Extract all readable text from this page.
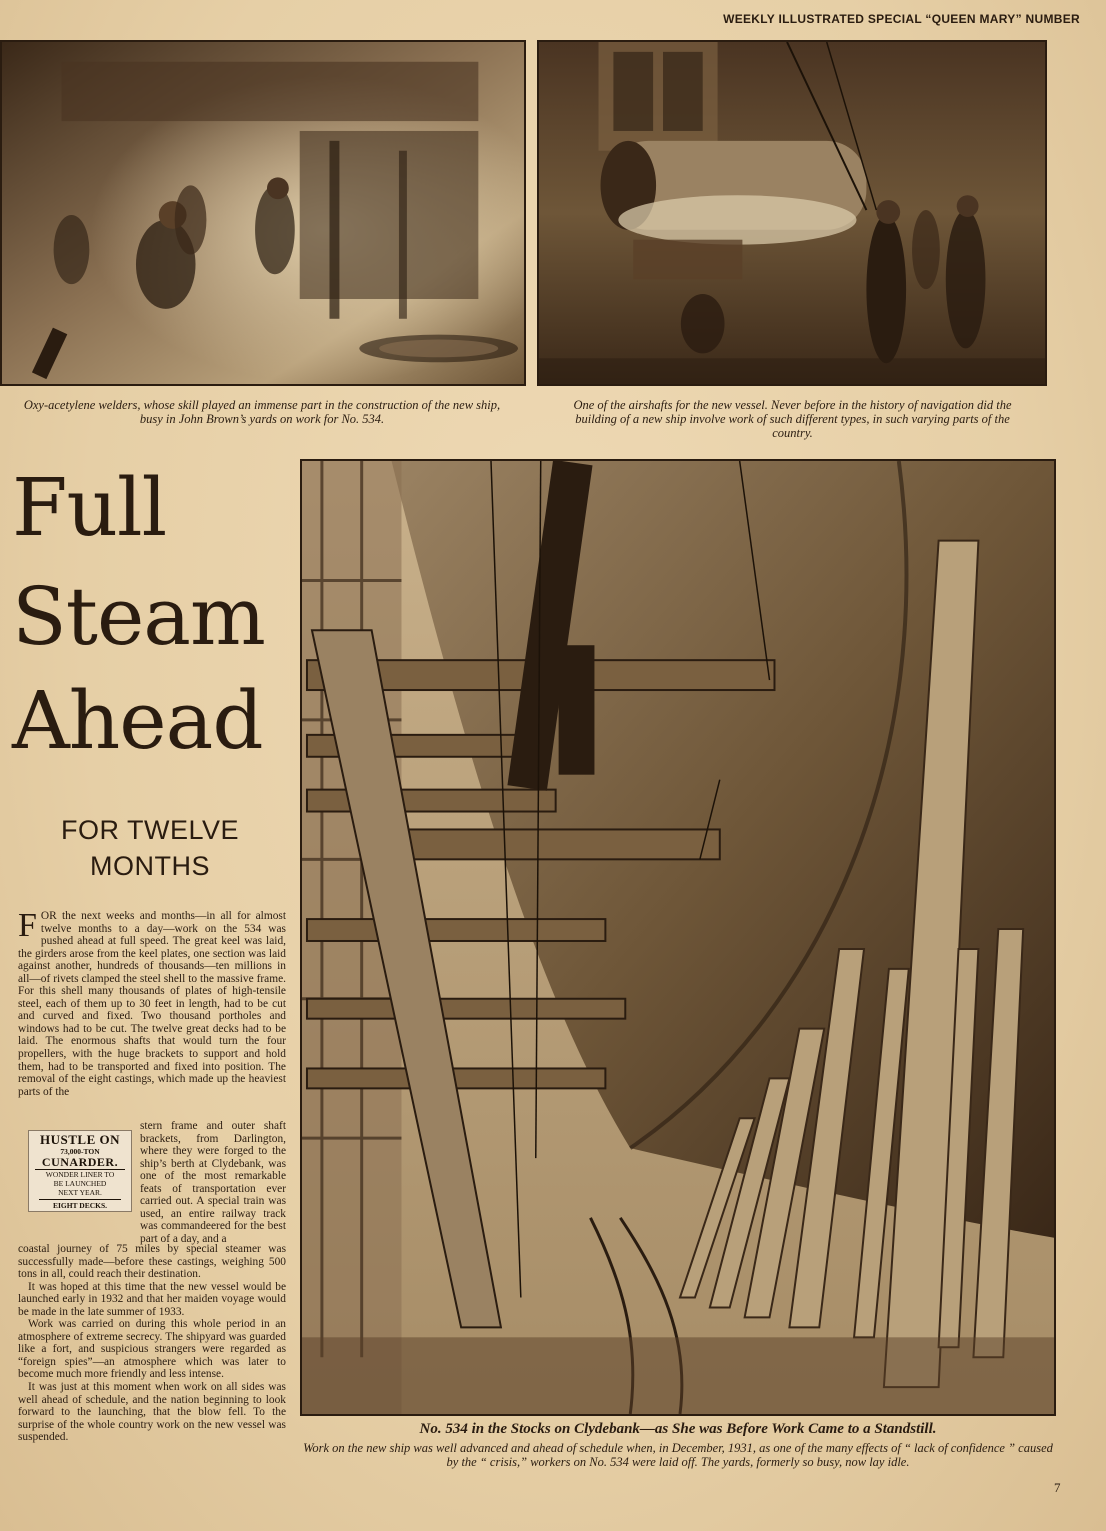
WEEKLY ILLUSTRATED SPECIAL “QUEEN MARY” NUMBER
Oxy-acetylene welders, whose skill played an immense part in the construction of the new ship, busy in John Brown’s yards on work for No. 534.
One of the airshafts for the new vessel. Never before in the history of navigation did the building of a new ship involve work of such different types, in such varying parts of the country.
Full
Steam
Ahead
FOR TWELVE
MONTHS

FOR the next weeks and months—in all for almost twelve months to a day—work on the 534 was pushed ahead at full speed. The great keel was laid, the girders arose from the keel plates, one section was laid against another, hundreds of thousands—ten millions in all—of rivets clamped the steel shell to the massive frame. For this shell many thousands of plates of high-tensile steel, each of them up to 30 feet in length, had to be cut and curved and fixed. Two thousand portholes and windows had to be cut. The twelve great decks had to be laid. The enormous shafts that would turn the four propellers, with the huge brackets to support and hold them, had to be transported and fixed into position. The removal of the eight castings, which made up the heaviest parts of the

HUSTLE ON
73,000-TON
CUNARDER.
WONDER LINER TO
BE LAUNCHED
NEXT YEAR.
EIGHT DECKS.

stern frame and outer shaft brackets, from Darlington, where they were forged to the ship’s berth at Clydebank, was one of the most remarkable feats of transportation ever carried out. A special train was used, an entire railway track was commandeered for the best part of a day, and a

coastal journey of 75 miles by special steamer was successfully made—before these castings, weighing 500 tons in all, could reach their destination.

It was hoped at this time that the new vessel would be launched early in 1932 and that her maiden voyage would be made in the late summer of 1933.

Work was carried on during this whole period in an atmosphere of extreme secrecy. The shipyard was guarded like a fort, and suspicious strangers were regarded as “foreign spies”—an atmosphere which was later to become much more friendly and less intense.

It was just at this moment when work on all sides was well ahead of schedule, and the nation beginning to look forward to the launching, that the blow fell. To the surprise of the whole country work on the new vessel was suspended.

No. 534 in the Stocks on Clydebank—as She was Before Work Came to a Standstill.
Work on the new ship was well advanced and ahead of schedule when, in December, 1931, as one of the many effects of “ lack of confidence ” caused by the “ crisis,” workers on No. 534 were laid off. The yards, formerly so busy, now lay idle.
7
